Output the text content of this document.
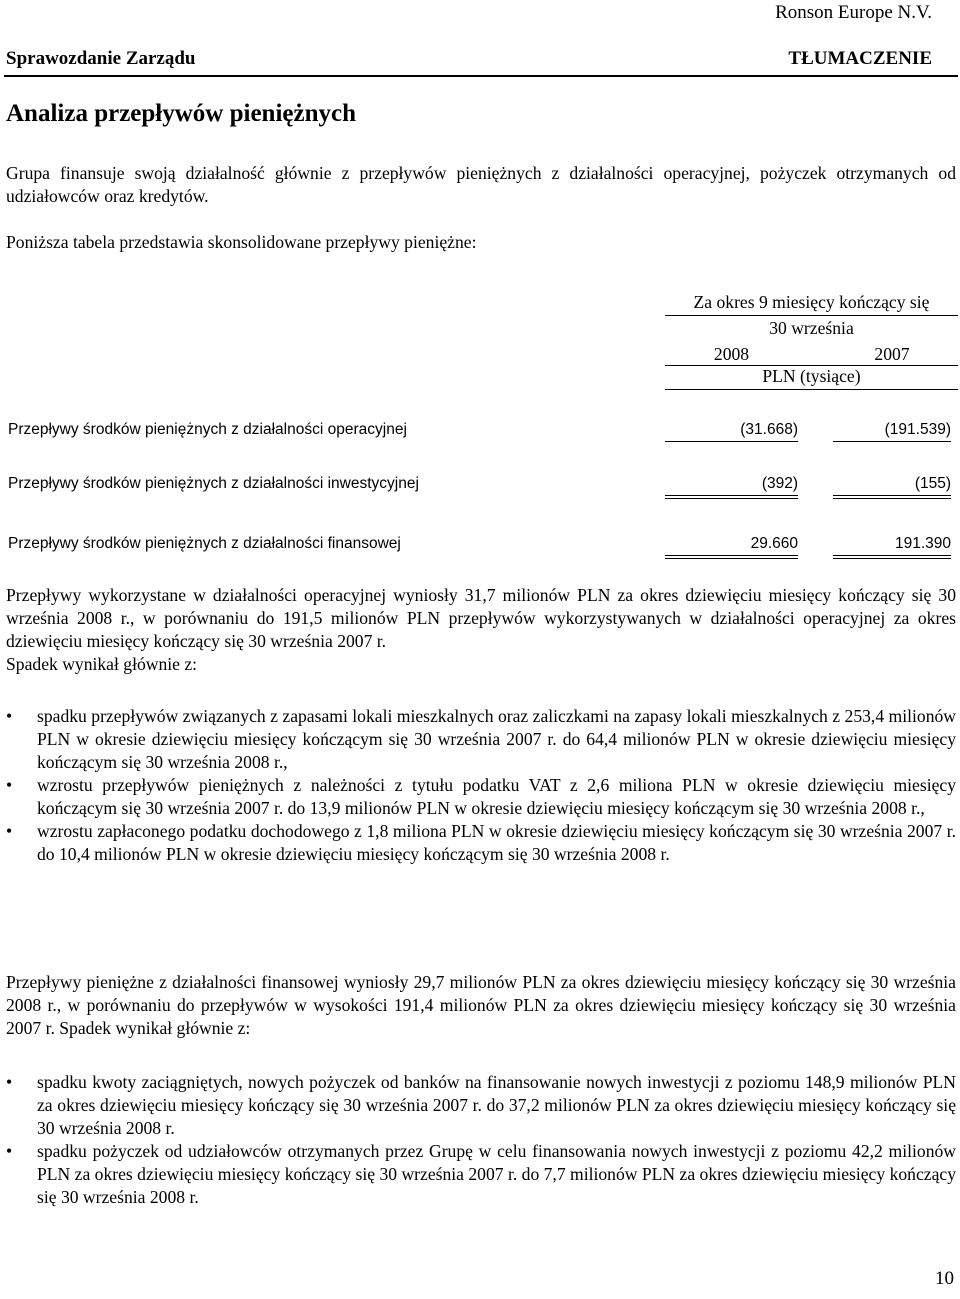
Ronson Europe N.V.
Sprawozdanie Zarządu	TŁUMACZENIE
Analiza przepływów pieniężnych
Grupa finansuje swoją działalność głównie z przepływów pieniężnych z działalności operacyjnej, pożyczek otrzymanych od udziałowców oraz kredytów.
Poniższa tabela przedstawia skonsolidowane przepływy pieniężne:
Za okres 9 miesięcy kończący się
30 września
2008	2007
PLN (tysiące)
Przepływy środków pieniężnych z działalności operacyjnej	(31.668)	(191.539)
Przepływy środków pieniężnych z działalności inwestycyjnej	(392)	(155)
Przepływy środków pieniężnych z działalności finansowej	29.660	191.390
Przepływy wykorzystane w działalności operacyjnej wyniosły 31,7 milionów PLN za okres dziewięciu miesięcy kończący się 30 września 2008 r., w porównaniu do 191,5 milionów PLN przepływów wykorzystywanych w działalności operacyjnej za okres dziewięciu miesięcy kończący się 30 września 2007 r.
Spadek wynikał głównie z:
• spadku przepływów związanych z zapasami lokali mieszkalnych oraz zaliczkami na zapasy lokali mieszkalnych z 253,4 milionów PLN w okresie dziewięciu miesięcy kończącym się 30 września 2007 r. do 64,4 milionów PLN w okresie dziewięciu miesięcy kończącym się 30 września 2008 r.,
• wzrostu przepływów pieniężnych z należności z tytułu podatku VAT z 2,6 miliona PLN w okresie dziewięciu miesięcy kończącym się 30 września 2007 r. do 13,9 milionów PLN w okresie dziewięciu miesięcy kończącym się 30 września 2008 r.,
• wzrostu zapłaconego podatku dochodowego z 1,8 miliona PLN w okresie dziewięciu miesięcy kończącym się 30 września 2007 r. do 10,4 milionów PLN w okresie dziewięciu miesięcy kończącym się 30 września 2008 r.
Przepływy pieniężne z działalności finansowej wyniosły 29,7 milionów PLN za okres dziewięciu miesięcy kończący się 30 września 2008 r., w porównaniu do przepływów w wysokości 191,4 milionów PLN za okres dziewięciu miesięcy kończący się 30 września 2007 r. Spadek wynikał głównie z:
• spadku kwoty zaciągniętych, nowych pożyczek od banków na finansowanie nowych inwestycji z poziomu 148,9 milionów PLN za okres dziewięciu miesięcy kończący się 30 września 2007 r. do 37,2 milionów PLN za okres dziewięciu miesięcy kończący się 30 września 2008 r.
• spadku pożyczek od udziałowców otrzymanych przez Grupę w celu finansowania nowych inwestycji z poziomu 42,2 milionów PLN za okres dziewięciu miesięcy kończący się 30 września 2007 r. do 7,7 milionów PLN za okres dziewięciu miesięcy kończący się 30 września 2008 r.
10
